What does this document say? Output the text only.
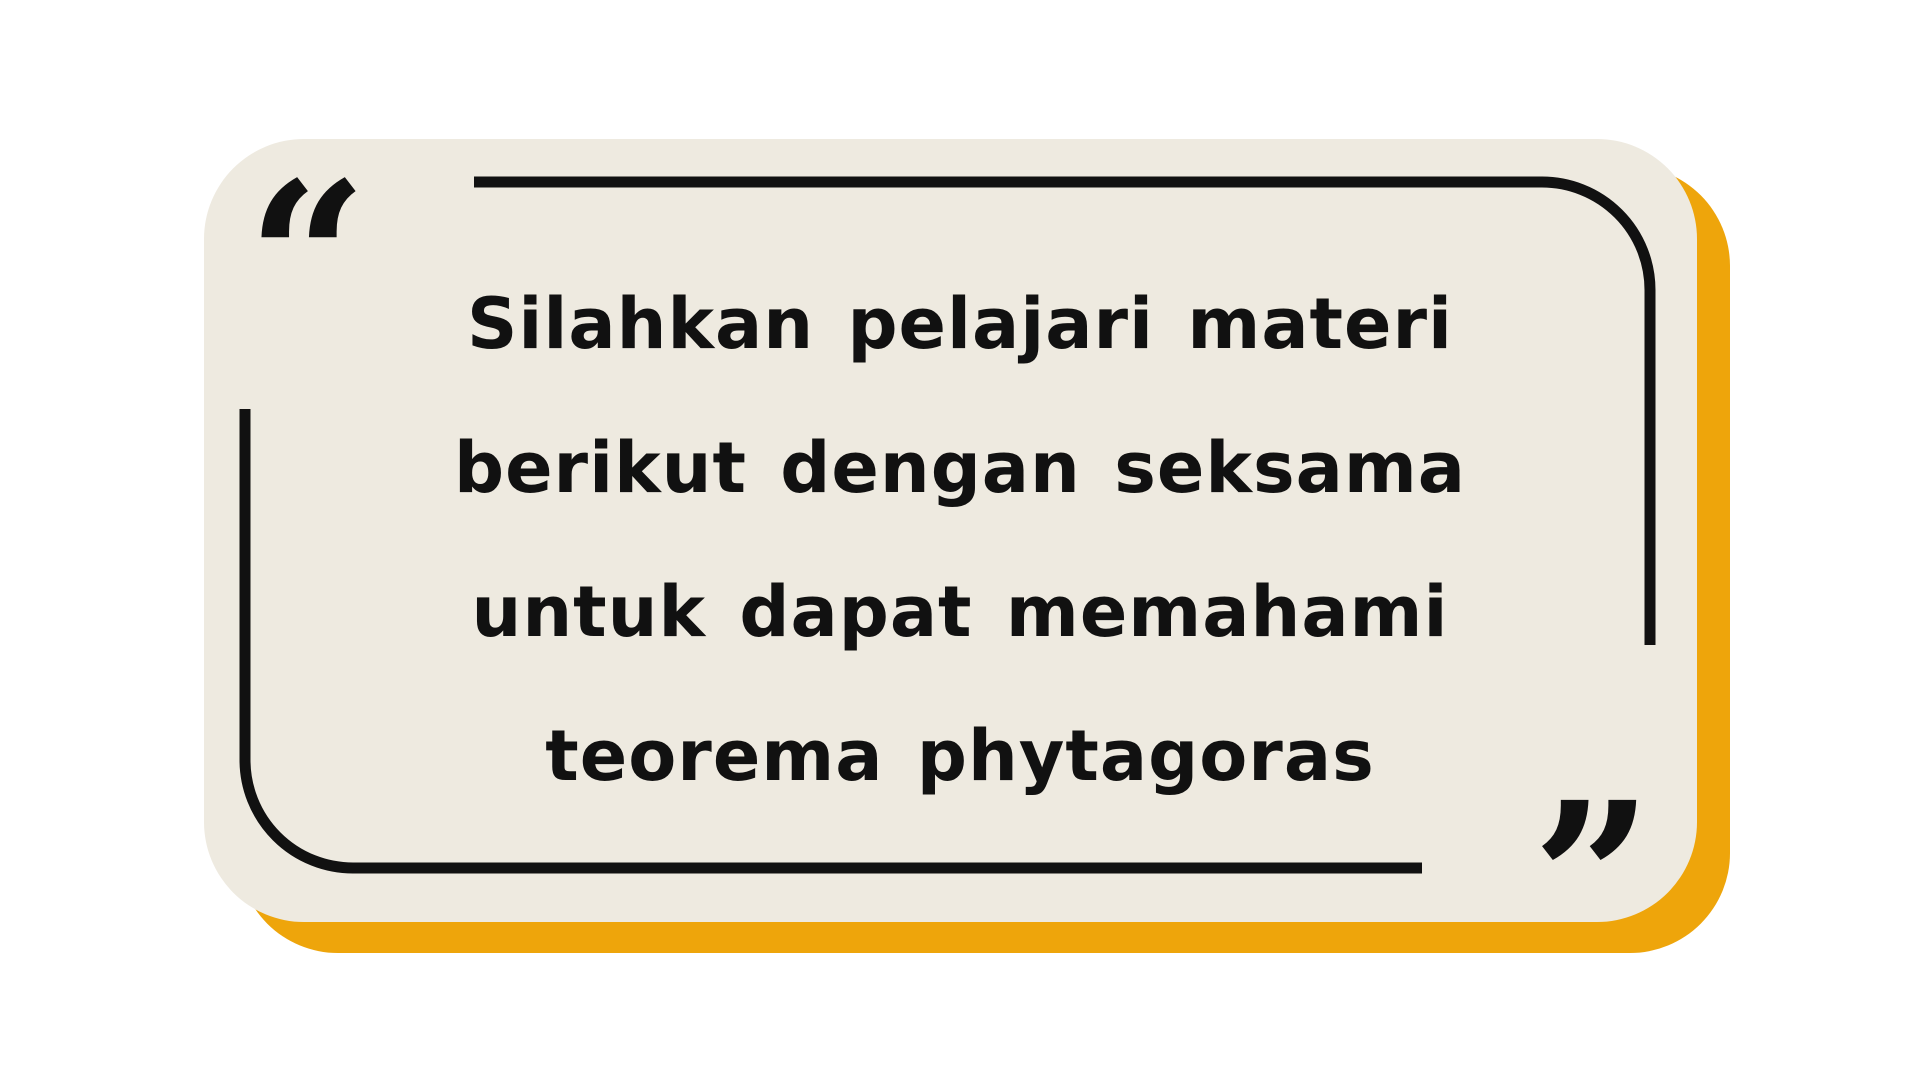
“	Silahkan pelajari materi berikut dengan seksama untuk dapat memahami teorema phytagoras ”
